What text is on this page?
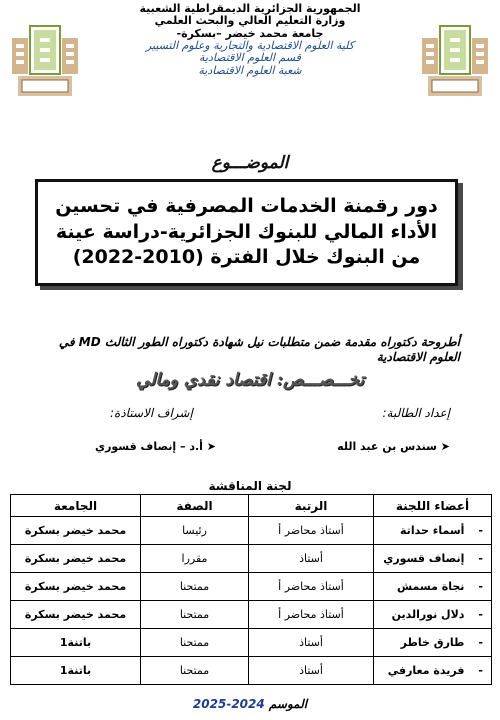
الجمهورية الجزائرية الديمقراطية الشعبية
وزارة التعليم العالي والبحث العلمي
جامعة محمد خيضر –بسكرة-
كلية العلوم الاقتصادية والتجارية وعلوم التسيير
قسم العلوم الاقتصادية
شعبة العلوم الاقتصادية
الموضـــوع
دور رقمنة الخدمات المصرفية في تحسين الأداء المالي للبنوك الجزائرية-دراسة عينة من البنوك خلال الفترة (2010-2022)
أطروحة دكتوراه مقدمة ضمن متطلبات نيل شهادة دكتوراه الطور الثالث MD في العلوم الاقتصادية
تخـــصـــص: اقتصاد نقدي ومالي
إعداد الطالبة:
إشراف الاستاذة:
➤ سندس بن عبد الله
➤ أ.د – إنصاف قسوري
لجنة المناقشة
أعضاء اللجنة	الرتبة	الصفة	الجامعة
-أسماء حداتة	أستاذ محاضر أ	رئيسا	محمد خيضر بسكرة
-إنصاف قسوري	أستاذ	مقررا	محمد خيضر بسكرة
-نجاة مسمش	أستاذ محاضر أ	ممتحنا	محمد خيضر بسكرة
-دلال نورالدين	أستاذ محاضر أ	ممتحنا	محمد خيضر بسكرة
-طارق خاطر	أستاذ	ممتحنا	باتنة1
-فريدة معارفي	أستاذ	ممتحنا	باتنة1
الموسم 2024-2025
